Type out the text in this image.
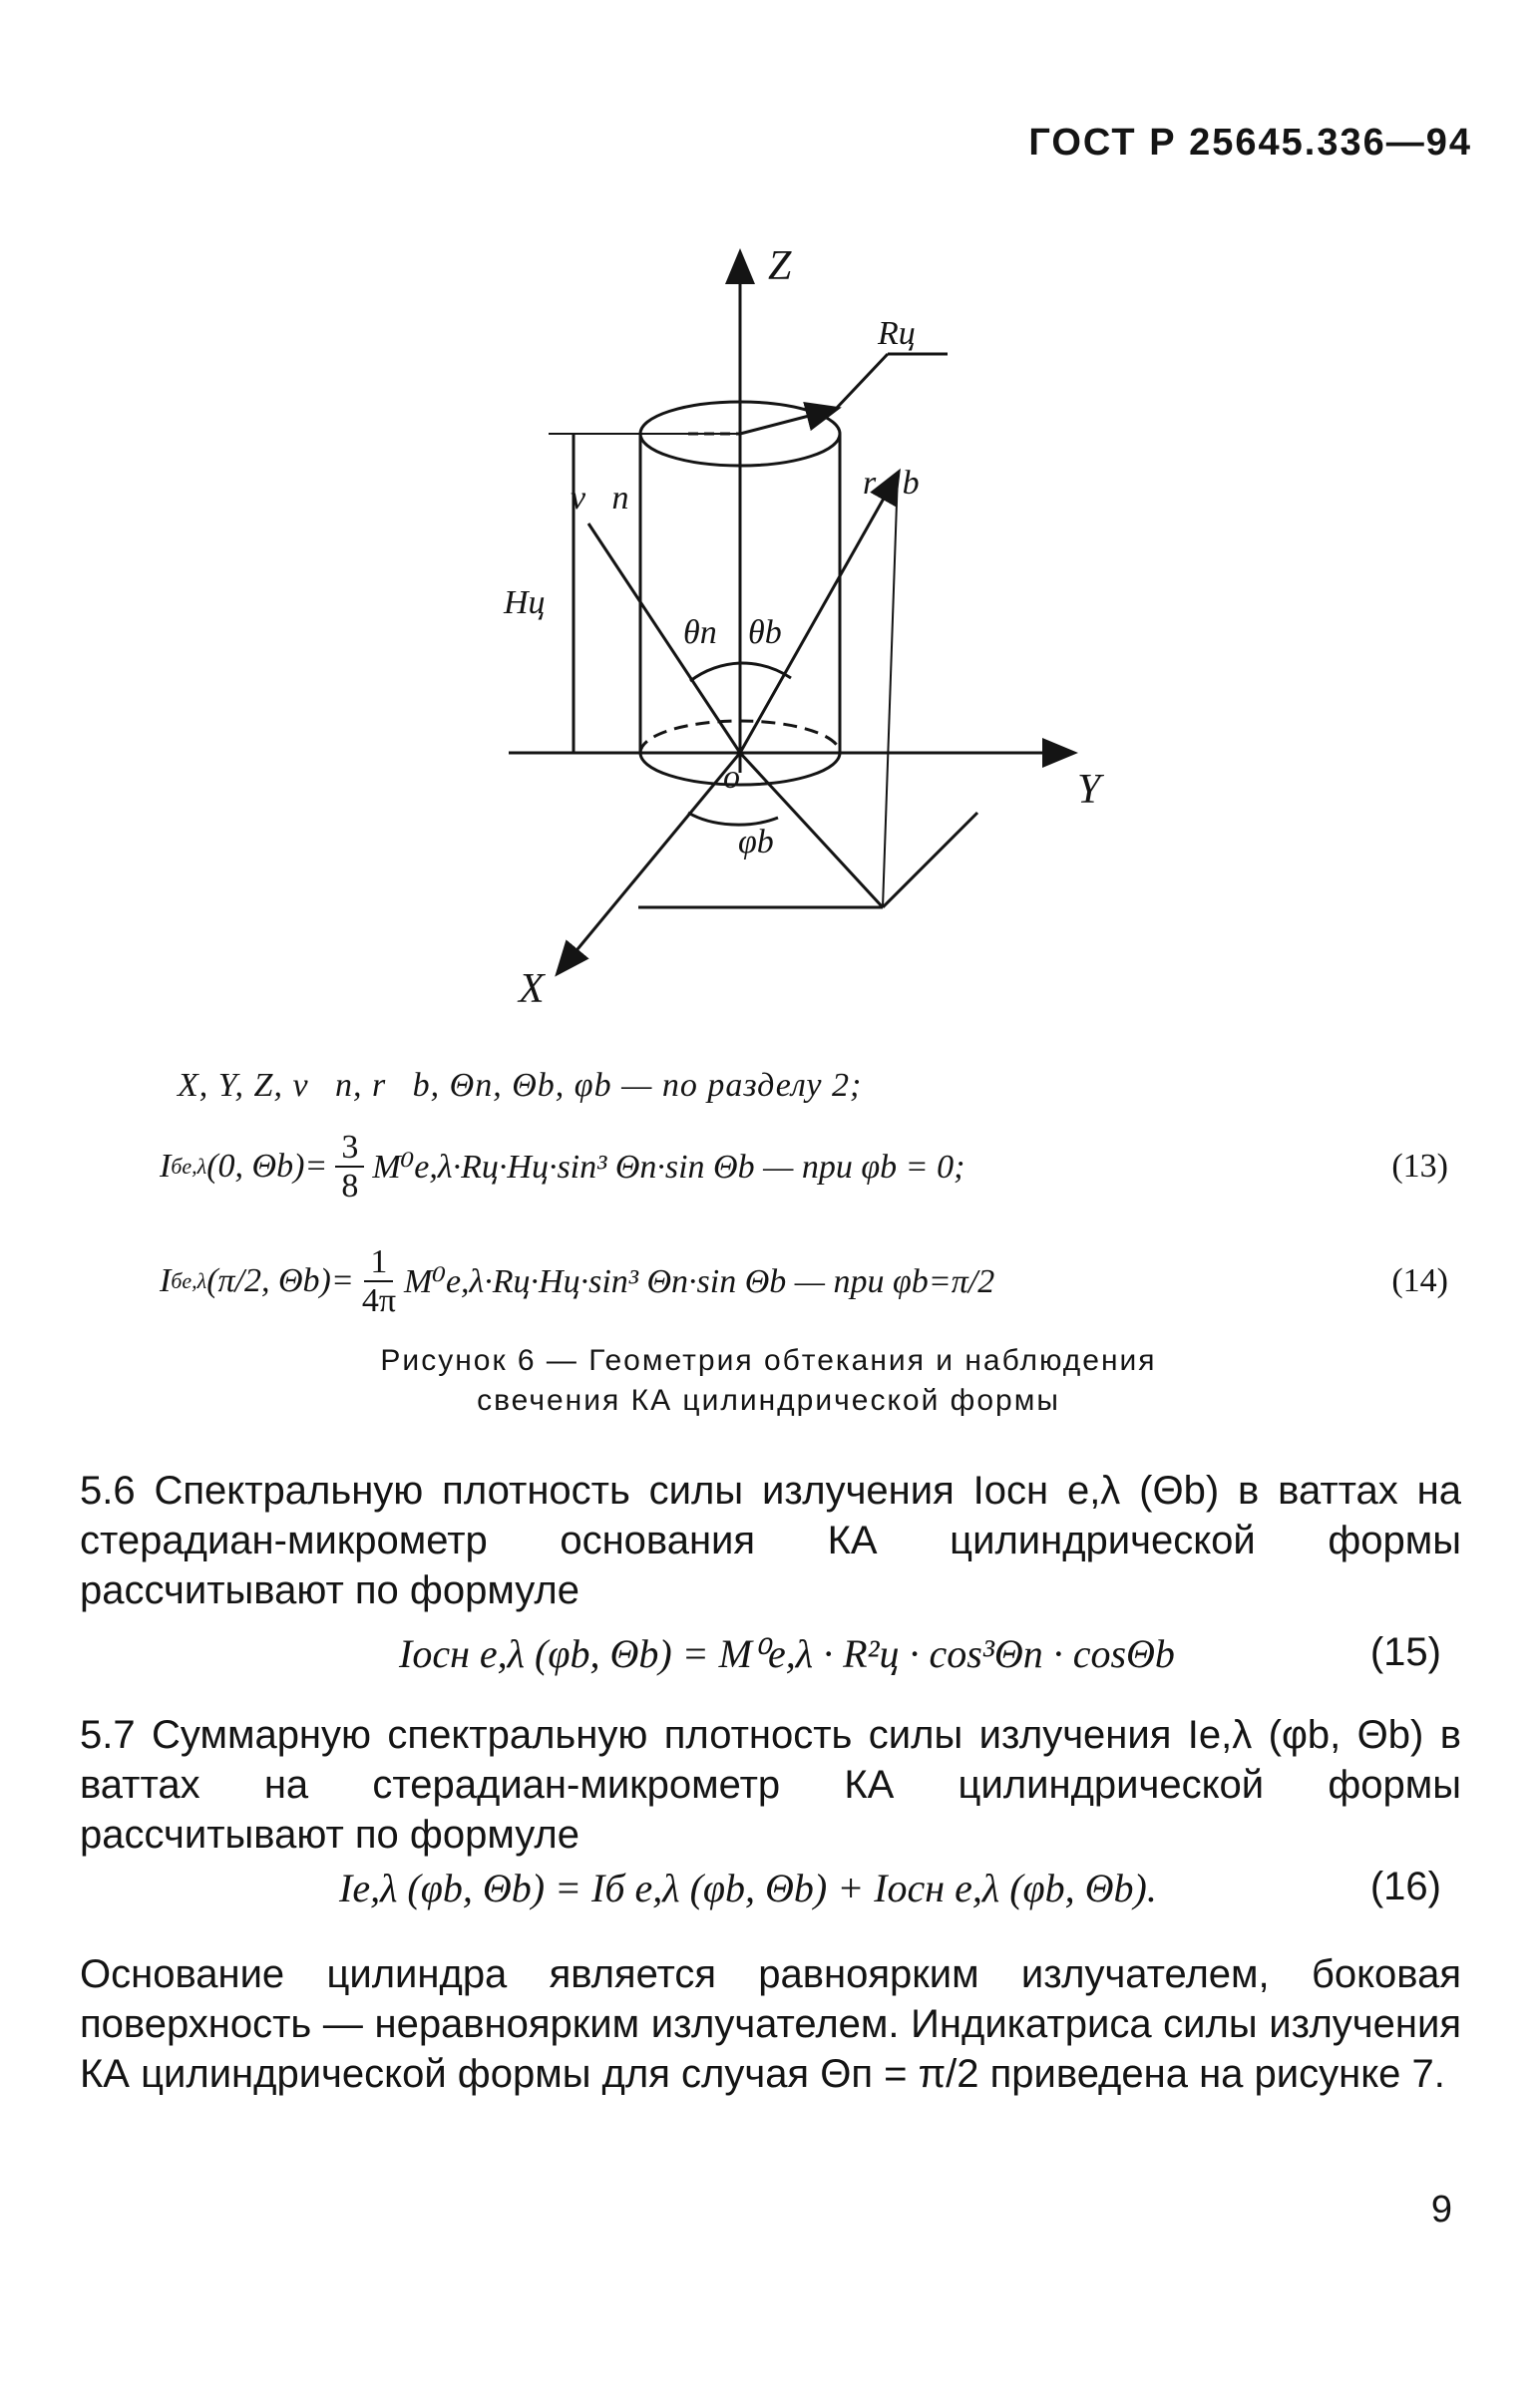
ГОСТ Р 25645.336—94
Z
Y
X
Rц
Hц
v⃗п	r⃗b
θп θb
φb
о
X, Y, Z, v⃗п, r⃗b, Θп, Θb, φb — по разделу 2;
I б e,λ (0, $\Theta b)= \frac{3}{8} M^0e,\lambda\cdot Rц\cdot Hц\cdot\sin^3$ Θп·sin Θb — при φb = 0;	(13)
I б e,λ (π/2, $\Theta b)= \frac{1}{4\pi} M^0e,\lambda\cdot Rц\cdot Hц\cdot\sin^3$ Θп·sin Θb — при φb=π/2	(14)
Рисунок 6 — Геометрия обтекания и наблюдения
свечения КА цилиндрической формы
5.6 Спектральную плотность силы излучения Iосн e,λ (Θb) в ваттах на стерадиан-микрометр основания КА цилиндрической формы рассчитывают по формуле
Iосн e,λ (φb, Θb) = M⁰e,λ · R²ц · cos³Θп · cosΘb	(15)
5.7 Суммарную спектральную плотность силы излучения Ie,λ (φb, Θb) в ваттах на стерадиан-микрометр КА цилиндрической формы рассчитывают по формуле
Ie,λ (φb, Θb) = Iб e,λ (φb, Θb) + Iосн e,λ (φb, Θb).	(16)
Основание цилиндра является равноярким излучателем, боковая поверхность — неравноярким излучателем. Индикатриса силы излучения КА цилиндрической формы для случая Θп = π/2 приведена на рисунке 7.
9
